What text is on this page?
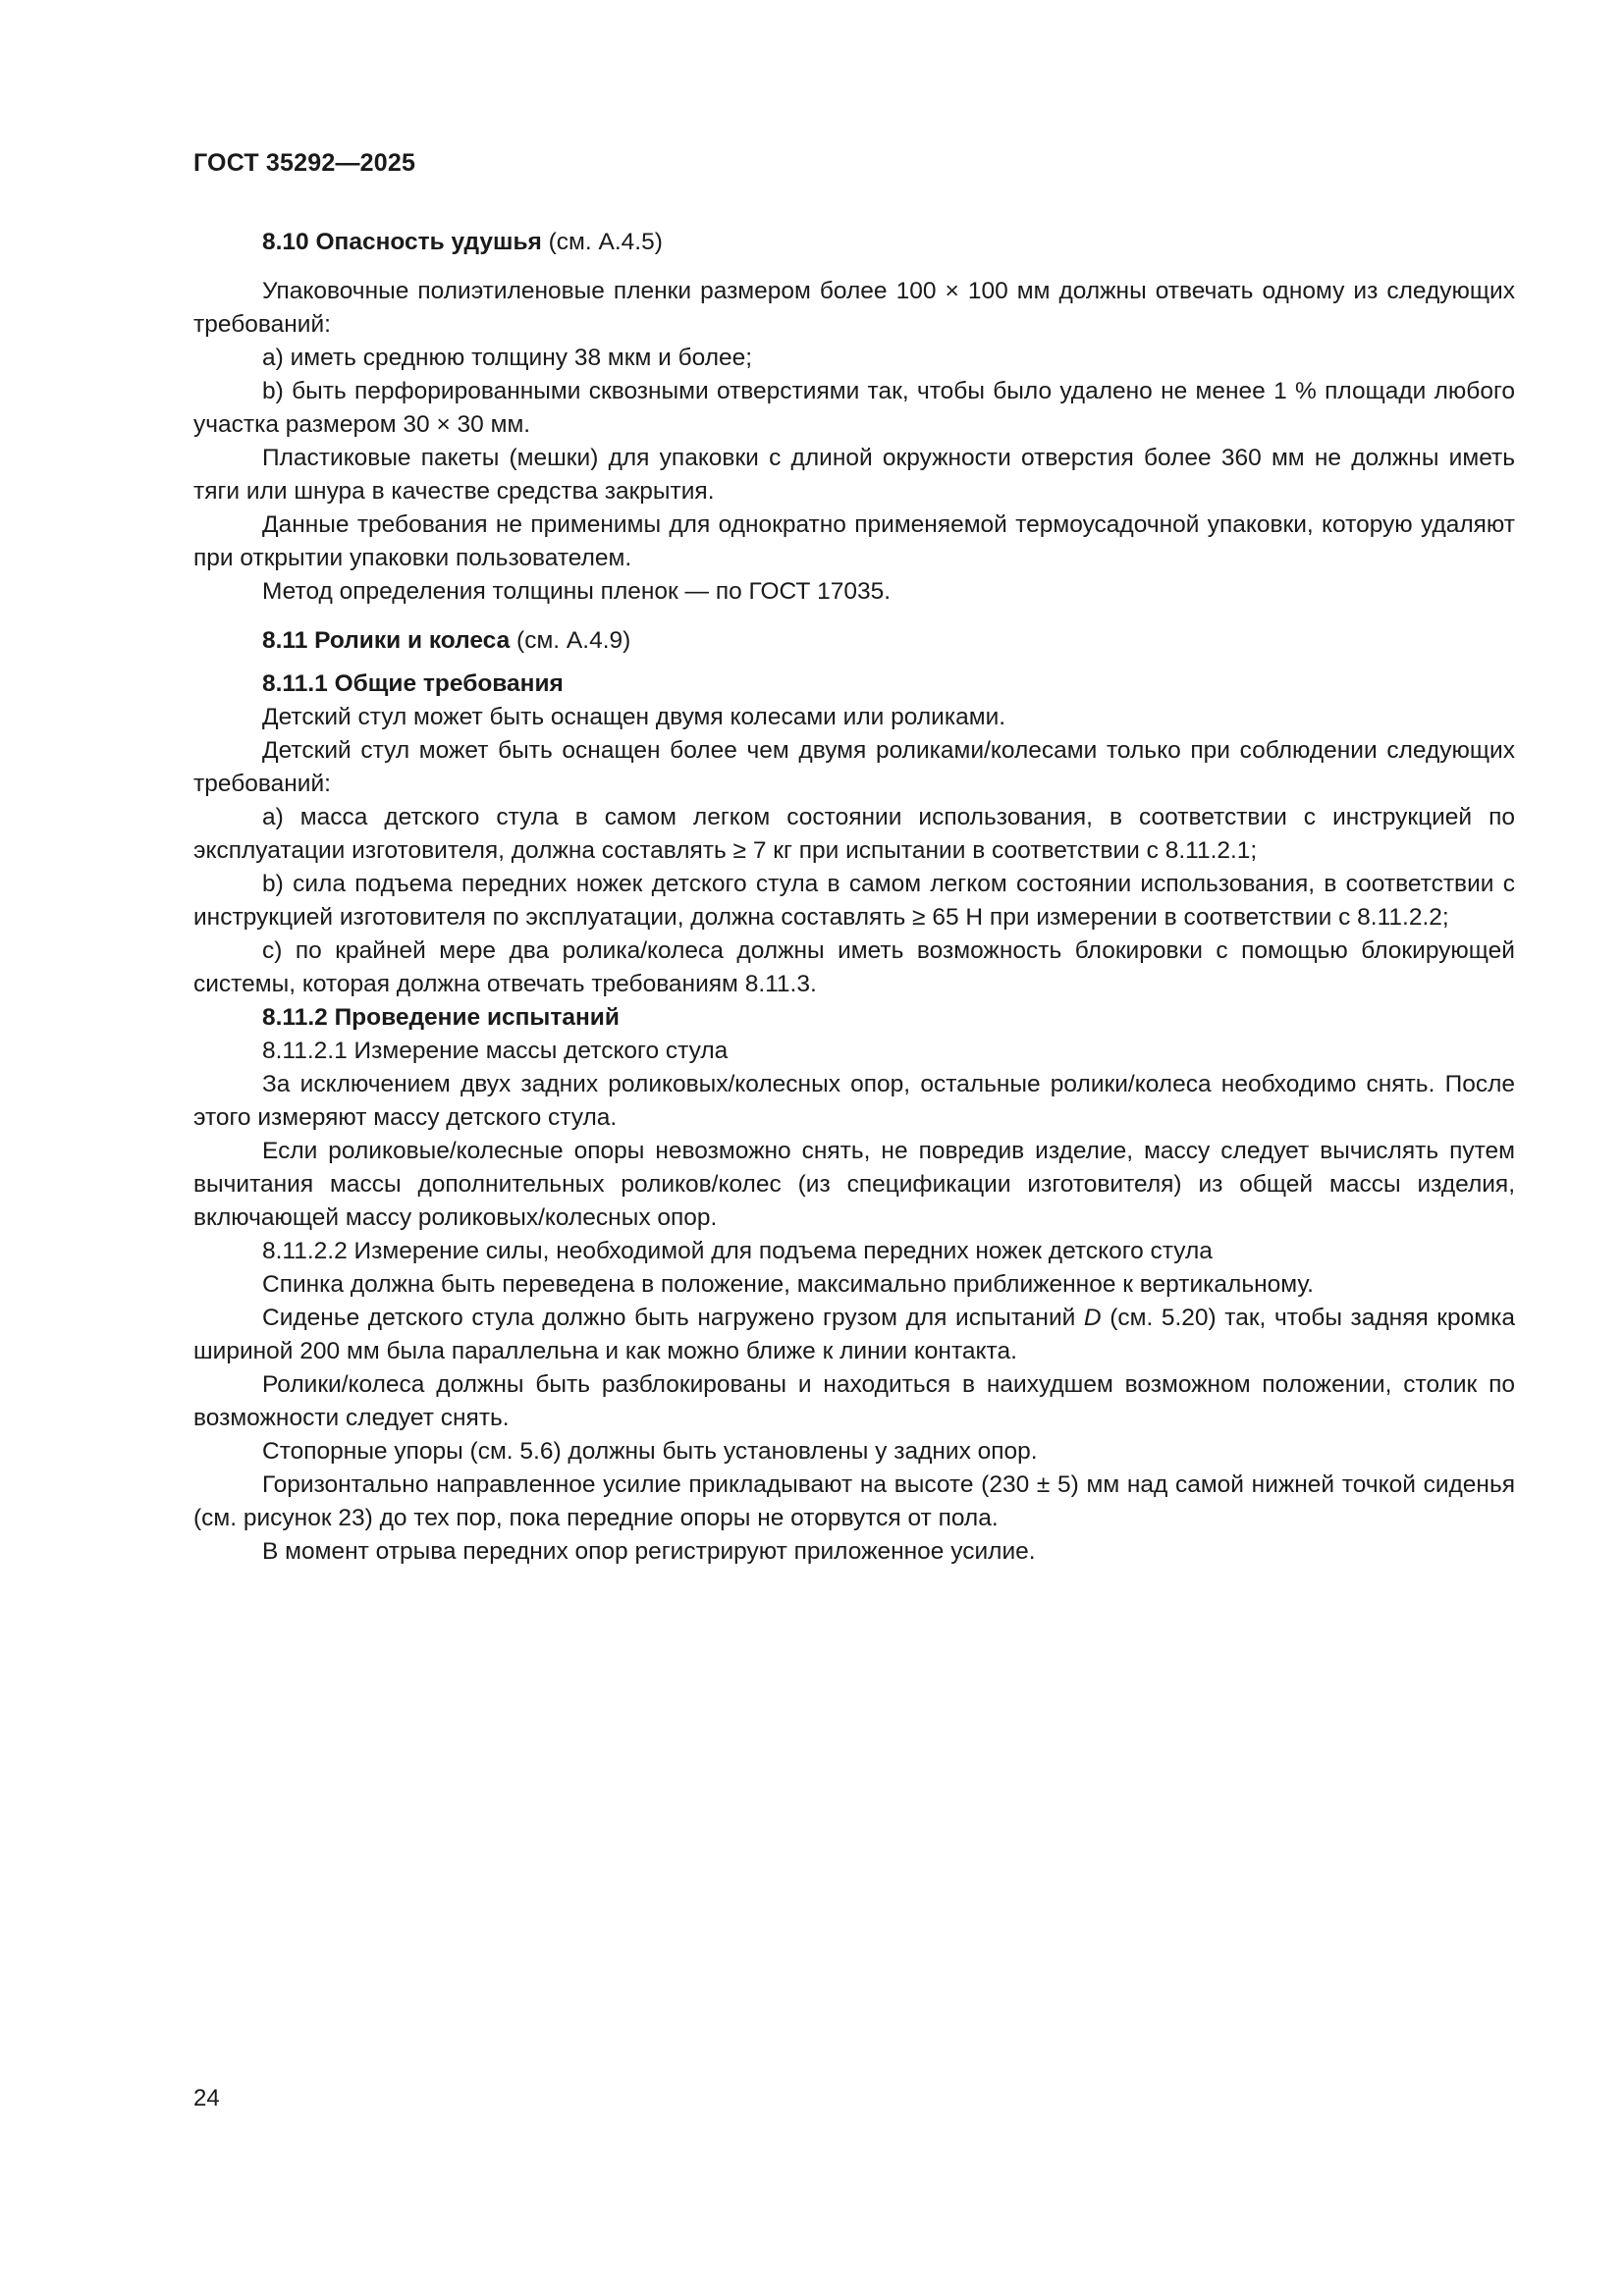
ГОСТ 35292—2025

8.10 Опасность удушья (см. А.4.5)

Упаковочные полиэтиленовые пленки размером более 100 × 100 мм должны отвечать одному из следующих требований:

a) иметь среднюю толщину 38 мкм и более;

b) быть перфорированными сквозными отверстиями так, чтобы было удалено не менее 1 % площади любого участка размером 30 × 30 мм.

Пластиковые пакеты (мешки) для упаковки с длиной окружности отверстия более 360 мм не должны иметь тяги или шнура в качестве средства закрытия.

Данные требования не применимы для однократно применяемой термоусадочной упаковки, которую удаляют при открытии упаковки пользователем.

Метод определения толщины пленок — по ГОСТ 17035.

8.11 Ролики и колеса (см. А.4.9)

8.11.1 Общие требования

Детский стул может быть оснащен двумя колесами или роликами.

Детский стул может быть оснащен более чем двумя роликами/колесами только при соблюдении следующих требований:

a) масса детского стула в самом легком состоянии использования, в соответствии с инструкцией по эксплуатации изготовителя, должна составлять ≥ 7 кг при испытании в соответствии с 8.11.2.1;

b) сила подъема передних ножек детского стула в самом легком состоянии использования, в соответствии с инструкцией изготовителя по эксплуатации, должна составлять ≥ 65 Н при измерении в соответствии с 8.11.2.2;

c) по крайней мере два ролика/колеса должны иметь возможность блокировки с помощью блокирующей системы, которая должна отвечать требованиям 8.11.3.

8.11.2 Проведение испытаний

8.11.2.1 Измерение массы детского стула

За исключением двух задних роликовых/колесных опор, остальные ролики/колеса необходимо снять. После этого измеряют массу детского стула.

Если роликовые/колесные опоры невозможно снять, не повредив изделие, массу следует вычислять путем вычитания массы дополнительных роликов/колес (из спецификации изготовителя) из общей массы изделия, включающей массу роликовых/колесных опор.

8.11.2.2 Измерение силы, необходимой для подъема передних ножек детского стула

Спинка должна быть переведена в положение, максимально приближенное к вертикальному.

Сиденье детского стула должно быть нагружено грузом для испытаний D (см. 5.20) так, чтобы задняя кромка шириной 200 мм была параллельна и как можно ближе к линии контакта.

Ролики/колеса должны быть разблокированы и находиться в наихудшем возможном положении, столик по возможности следует снять.

Стопорные упоры (см. 5.6) должны быть установлены у задних опор.

Горизонтально направленное усилие прикладывают на высоте (230 ± 5) мм над самой нижней точкой сиденья (см. рисунок 23) до тех пор, пока передние опоры не оторвутся от пола.

В момент отрыва передних опор регистрируют приложенное усилие.

24
